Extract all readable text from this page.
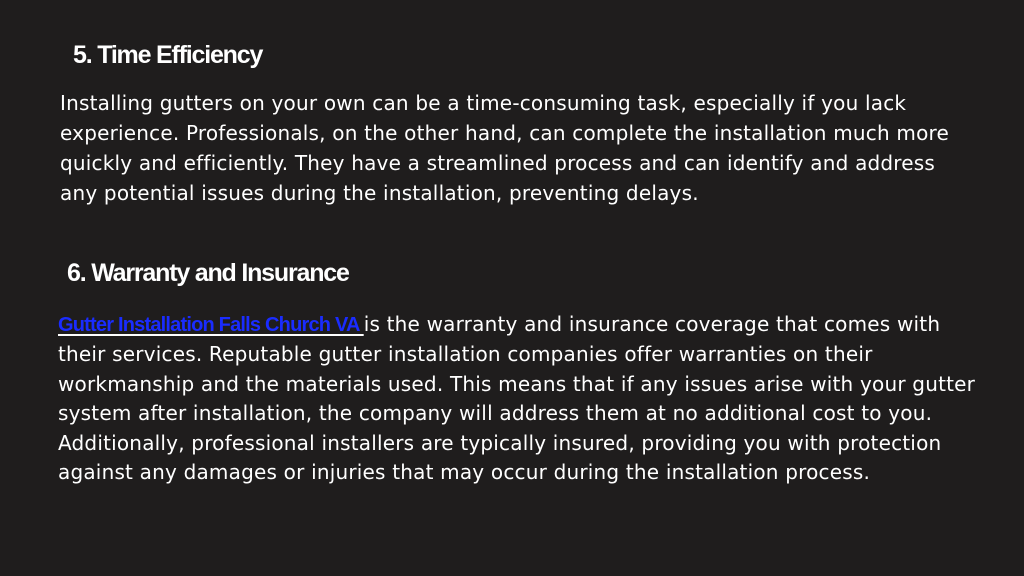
5. Time Efficiency

Installing gutters on your own can be a time-consuming task, especially if you lack experience. Professionals, on the other hand, can complete the installation much more quickly and efficiently. They have a streamlined process and can identify and address any potential issues during the installation, preventing delays.

6. Warranty and Insurance

Gutter Installation Falls Church VA is the warranty and insurance coverage that comes with their services. Reputable gutter installation companies offer warranties on their workmanship and the materials used. This means that if any issues arise with your gutter system after installation, the company will address them at no additional cost to you. Additionally, professional installers are typically insured, providing you with protection against any damages or injuries that may occur during the installation process.
